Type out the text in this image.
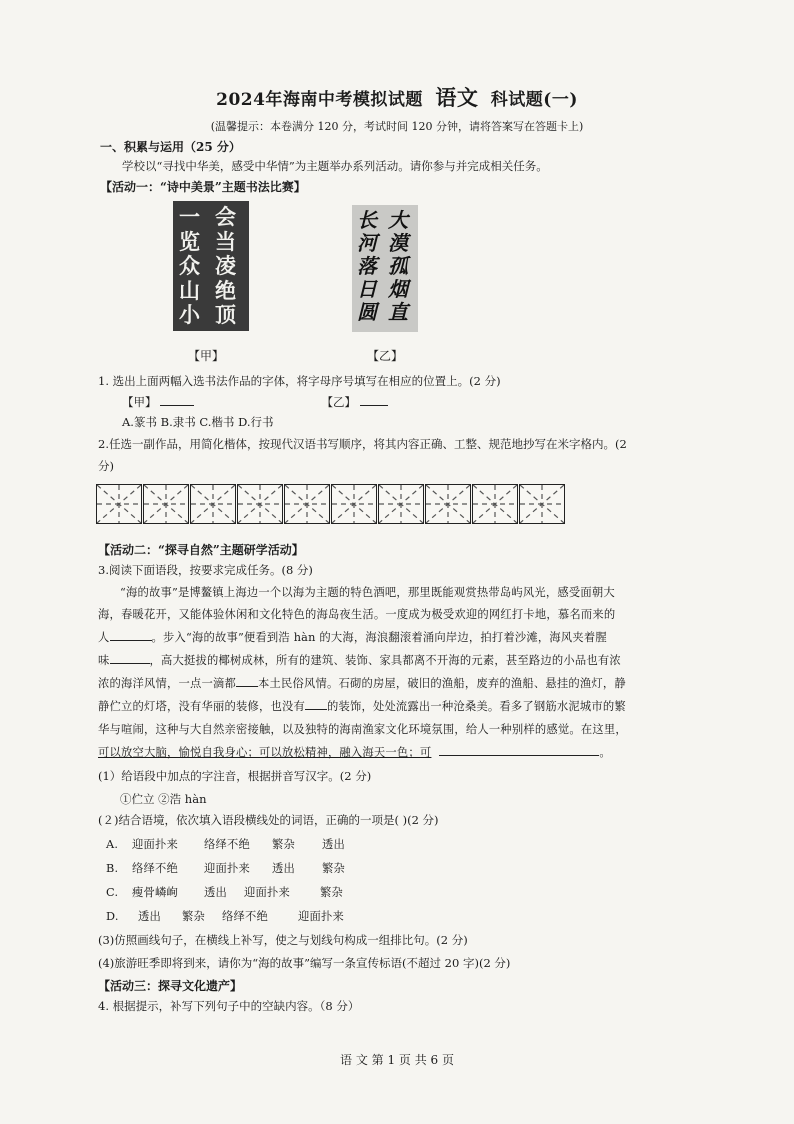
2024年海南中考模拟试题 语文 科试题(一)
(温馨提示：本卷满分 120 分，考试时间 120 分钟，请将答案写在答题卡上)
一、积累与运用（25 分）
学校以“寻找中华美，感受中华情”为主题举办系列活动。请你参与并完成相关任务。
【活动一：“诗中美景”主题书法比赛】
一
览
众
山
小
会
当
凌
绝
顶
长
河
落
日
圆
大
漠
孤
烟
直
【甲】	【乙】
1. 选出上面两幅入选书法作品的字体，将字母序号填写在相应的位置上。(2 分)
【甲】	【乙】
A.篆书 B.隶书 C.楷书 D.行书
2.任选一副作品，用简化楷体，按现代汉语书写顺序，将其内容正确、工整、规范地抄写在米字格内。(2
分)
【活动二：“探寻自然”主题研学活动】
3.阅读下面语段，按要求完成任务。(8 分)
“海的故事”是博鳌镇上海边一个以海为主题的特色酒吧，那里既能观赏热带岛屿风光，感受面朝大
海，春暖花开，又能体验休闲和文化特色的海岛夜生活。一度成为极受欢迎的网红打卡地，慕名而来的
人	。步入“海的故事”便看到浩 hàn 的大海，海浪翻滚着涌向岸边，拍打着沙滩，海风夹着腥
味	，高大挺拔的椰树成林，所有的建筑、装饰、家具都离不开海的元素，甚至路边的小品也有浓
浓的海洋风情，一点一滴都 本土民俗风情。石砌的房屋，破旧的渔船，废弃的渔船、悬挂的渔灯，静
静伫立的灯塔，没有华丽的装修，也没有 的装饰，处处流露出一种沧桑美。看多了钢筋水泥城市的繁
华与喧闹，这种与大自然亲密接触，以及独特的海南渔家文化环境氛围，给人一种别样的感觉。在这里，
可以放空大脑，愉悦自我身心；可以放松精神，融入海天一色；可	。
(1）给语段中加点的字注音，根据拼音写汉字。(2 分)
①伫立 ②浩 hàn
(２)结合语境，依次填入语段横线处的词语，正确的一项是( )(2 分)
A. 迎面扑来 络绎不绝 繁杂 透出
B. 络绎不绝 迎面扑来 透出 繁杂
C. 瘦骨嶙峋 透出 迎面扑来	繁杂
D. 透出 繁杂 络绎不绝	迎面扑来
(3)仿照画线句子，在横线上补写，使之与划线句构成一组排比句。(2 分)
(4)旅游旺季即将到来，请你为“海的故事”编写一条宣传标语(不超过 20 字)(2 分)
【活动三：探寻文化遗产】
4. 根据提示，补写下列句子中的空缺内容。（8 分）
语 文 第 1 页 共 6 页
